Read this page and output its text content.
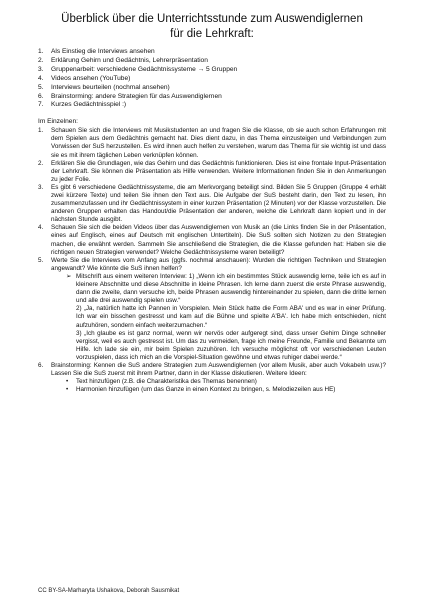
Überblick über die Unterrichtsstunde zum Auswendiglernen
für die Lehrkraft:
1. Als Einstieg die Interviews ansehen
2. Erklärung Gehirn und Gedächtnis, Lehrerpräsentation
3. Gruppenarbeit: verschiedene Gedächtnissysteme → 5 Gruppen
4. Videos ansehen (YouTube)
5. Interviews beurteilen (nochmal ansehen)
6. Brainstorming: andere Strategien für das Auswendiglernen
7. Kurzes Gedächtnisspiel :)

Im Einzelnen:

1. Schauen Sie sich die Interviews mit Musikstudenten an und fragen Sie die Klasse, ob sie auch schon Erfahrungen mit dem Spielen aus dem Gedächtnis gemacht hat. Dies dient dazu, in das Thema einzusteigen und Verbindungen zum Vorwissen der SuS herzustellen. Es wird ihnen auch helfen zu verstehen, warum das Thema für sie wichtig ist und dass sie es mit ihrem täglichen Leben verknüpfen können.
2. Erklären Sie die Grundlagen, wie das Gehirn und das Gedächtnis funktionieren. Dies ist eine frontale Input-Präsentation der Lehrkraft. Sie können die Präsentation als Hilfe verwenden. Weitere Informationen finden Sie in den Anmerkungen zu jeder Folie.
3. Es gibt 6 verschiedene Gedächtnissysteme, die am Merkvorgang beteiligt sind. Bilden Sie 5 Gruppen (Gruppe 4 erhält zwei kürzere Texte) und teilen Sie ihnen den Text aus. Die Aufgabe der SuS besteht darin, den Text zu lesen, ihn zusammenzufassen und ihr Gedächtnissystem in einer kurzen Präsentation (2 Minuten) vor der Klasse vorzustellen. Die anderen Gruppen erhalten das Handout/die Präsentation der anderen, welche die Lehrkraft dann kopiert und in der nächsten Stunde ausgibt.
4. Schauen Sie sich die beiden Videos über das Auswendiglernen von Musik an (die Links finden Sie in der Präsentation, eines auf Englisch, eines auf Deutsch mit englischen Untertiteln). Die SuS sollten sich Notizen zu den Strategien machen, die erwähnt werden. Sammeln Sie anschließend die Strategien, die die Klasse gefunden hat: Haben sie die richtigen neuen Strategien verwendet? Welche Gedächtnissysteme waren beteiligt?
5. Werte Sie die Interviews vom Anfang aus (ggfs. nochmal anschauen): Wurden die richtigen Techniken und Strategien angewandt? Wie könnte die SuS ihnen helfen?
➢ Mitschrift aus einem weiteren Interview: 1) „Wenn ich ein bestimmtes Stück auswendig lerne, teile ich es auf in kleinere Abschnitte und diese Abschnitte in kleine Phrasen. Ich lerne dann zuerst die erste Phrase auswendig, dann die zweite, dann versuche ich, beide Phrasen auswendig hintereinander zu spielen, dann die dritte lernen und alle drei auswendig spielen usw.“
2) „Ja, natürlich hatte ich Pannen in Vorspielen. Mein Stück hatte die Form ABA' und es war in einer Prüfung. Ich war ein bisschen gestresst und kam auf die Bühne und spielte A'BA'. Ich habe mich entschieden, nicht aufzuhören, sondern einfach weiterzumachen.“
3) „Ich glaube es ist ganz normal, wenn wir nervös oder aufgeregt sind, dass unser Gehirn Dinge schneller vergisst, weil es auch gestresst ist. Um das zu vermeiden, frage ich meine Freunde, Familie und Bekannte um Hilfe. Ich lade sie ein, mir beim Spielen zuzuhören. Ich versuche möglichst oft vor verschiedenen Leuten vorzuspielen, dass ich mich an die Vorspiel-Situation gewöhne und etwas ruhiger dabei werde.“
6. Brainstorming: Kennen die SuS andere Strategien zum Auswendiglernen (vor allem Musik, aber auch Vokabeln usw.)? Lassen Sie die SuS zuerst mit ihrem Partner, dann in der Klasse diskutieren. Weitere Ideen:
• Text hinzufügen (z.B. die Charakteristika des Themas benennen)
• Harmonien hinzufügen (um das Ganze in einen Kontext zu bringen, s. Melodiezeilen aus HE)
CC BY-SA-Marharyta Ushakova, Deborah Sausmikat
